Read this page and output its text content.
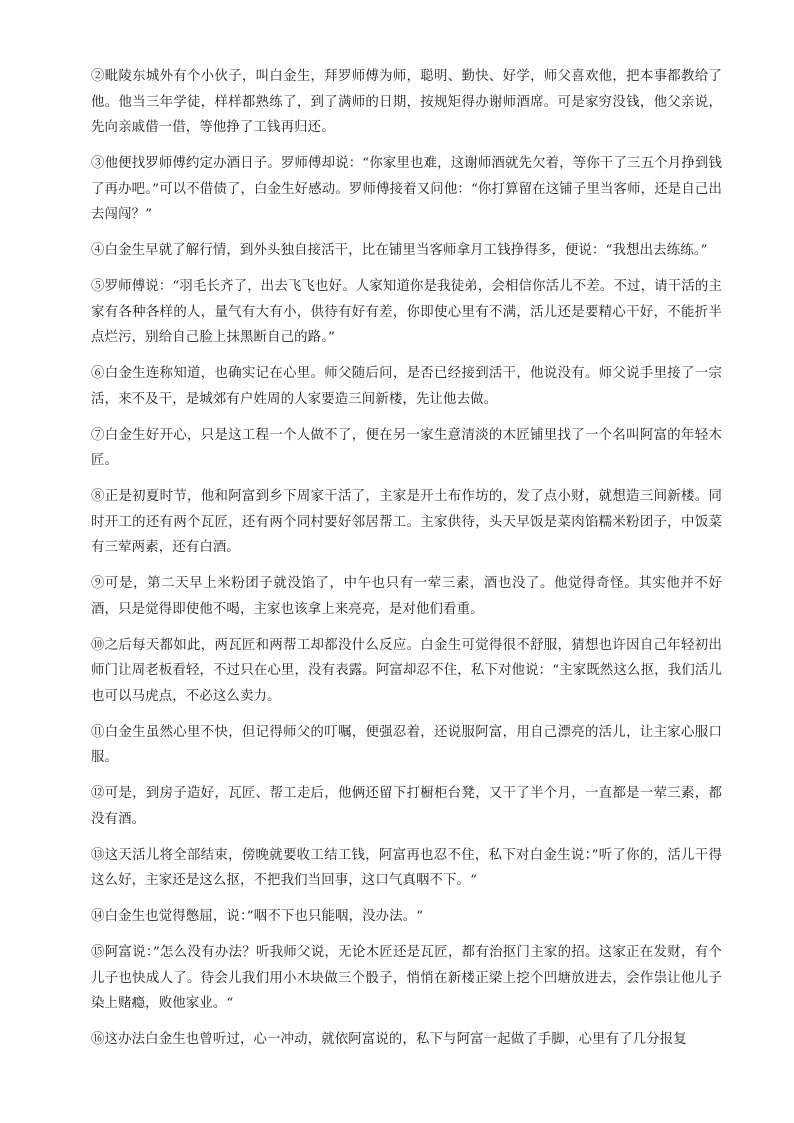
②毗陵东城外有个小伙子，叫白金生，拜罗师傅为师，聪明、勤快、好学，师父喜欢他，把本事都教给了他。他当三年学徒，样样都熟练了，到了满师的日期，按规矩得办谢师酒席。可是家穷没钱，他父亲说，先向亲戚借一借，等他挣了工钱再归还。

③他便找罗师傅约定办酒日子。罗师傅却说：“你家里也难，这谢师酒就先欠着，等你干了三五个月挣到钱了再办吧。”可以不借债了，白金生好感动。罗师傅接着又问他：“你打算留在这铺子里当客师，还是自己出去闯闯？”

④白金生早就了解行情，到外头独自接活干，比在铺里当客师拿月工钱挣得多，便说：“我想出去练练。”

⑤罗师傅说：“羽毛长齐了，出去飞飞也好。人家知道你是我徒弟，会相信你活儿不差。不过，请干活的主家有各种各样的人，量气有大有小，供待有好有差，你即使心里有不满，活儿还是要精心干好，不能折半点烂污，别给自己脸上抹黑断自己的路。”

⑥白金生连称知道，也确实记在心里。师父随后问，是否已经接到活干，他说没有。师父说手里接了一宗活，来不及干，是城郊有户姓周的人家要造三间新楼，先让他去做。

⑦白金生好开心，只是这工程一个人做不了，便在另一家生意清淡的木匠铺里找了一个名叫阿富的年轻木匠。

⑧正是初夏时节，他和阿富到乡下周家干活了，主家是开土布作坊的，发了点小财，就想造三间新楼。同时开工的还有两个瓦匠，还有两个同村要好邻居帮工。主家供待，头天早饭是菜肉馅糯米粉团子，中饭菜有三荤两素，还有白酒。

⑨可是，第二天早上米粉团子就没馅了，中午也只有一荤三素，酒也没了。他觉得奇怪。其实他并不好酒，只是觉得即使他不喝，主家也该拿上来亮亮，是对他们看重。

⑩之后每天都如此，两瓦匠和两帮工却都没什么反应。白金生可觉得很不舒服，猜想也许因自己年轻初出师门让周老板看轻，不过只在心里，没有表露。阿富却忍不住，私下对他说：“主家既然这么抠，我们活儿也可以马虎点，不必这么卖力。

⑪白金生虽然心里不快，但记得师父的叮嘱，便强忍着，还说服阿富，用自己漂亮的活儿，让主家心服口服。

⑫可是，到房子造好，瓦匠、帮工走后，他俩还留下打橱柜台凳，又干了半个月，一直都是一荤三素，都没有酒。

⑬这天活儿将全部结束，傍晚就要收工结工钱，阿富再也忍不住，私下对白金生说：”听了你的，活儿干得这么好，主家还是这么抠，不把我们当回事，这口气真咽不下。“

⑭白金生也觉得憋屈，说：”咽不下也只能咽，没办法。“

⑮阿富说：”怎么没有办法？听我师父说，无论木匠还是瓦匠，都有治抠门主家的招。这家正在发财，有个儿子也快成人了。待会儿我们用小木块做三个骰子，悄悄在新楼正梁上挖个凹塘放进去，会作祟让他儿子染上赌瘾，败他家业。“

⑯这办法白金生也曾听过，心一冲动，就依阿富说的，私下与阿富一起做了手脚，心里有了几分报复
